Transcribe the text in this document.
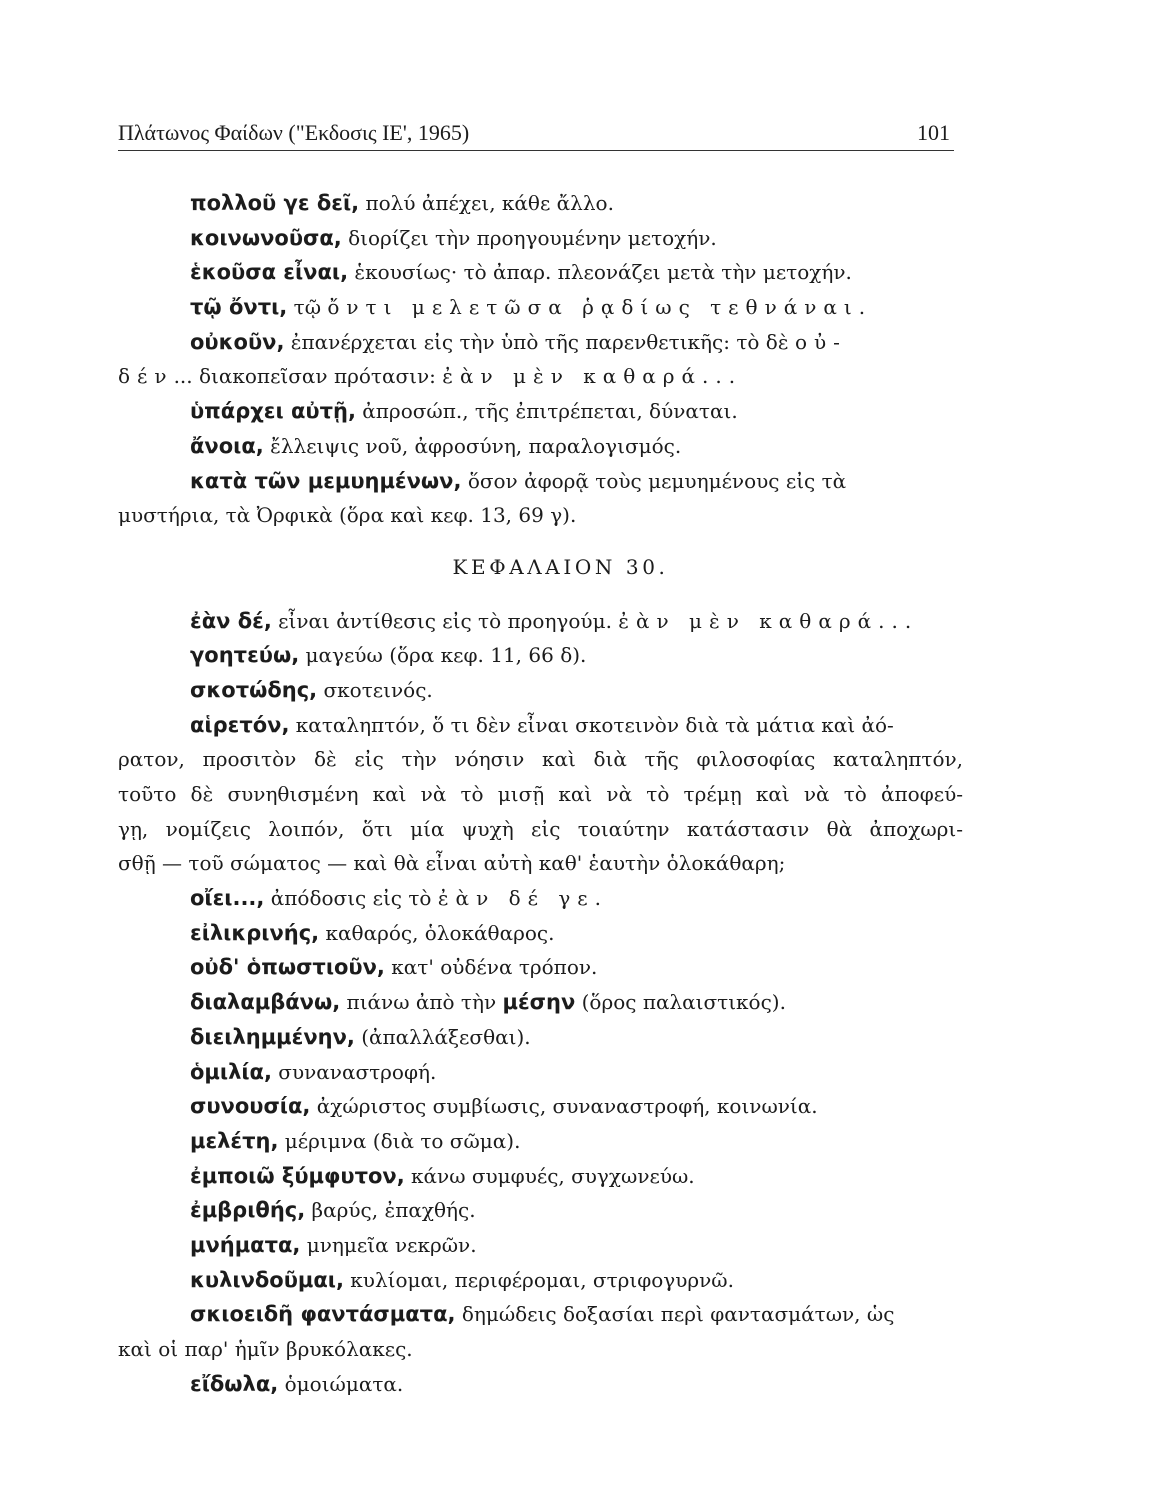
Πλάτωνος Φαίδων ("Εκδοσις ΙΕ', 1965)	101
πολλοῦ γε δεῖ, πολύ ἀπέχει, κάθε ἄλλο.
κοινωνοῦσα, διορίζει τὴν προηγουμένην μετοχήν.
ἑκοῦσα εἶναι, ἑκουσίως· τὸ ἀπαρ. πλεονάζει μετὰ τὴν μετοχήν.
τῷ ὄντι, τῷ ὄντι μελετῶσα ῥᾳδίως τεθνάναι.
οὐκοῦν, ἐπανέρχεται εἰς τὴν ὑπὸ τῆς παρενθετικῆς: τὸ δὲ οὐ-
δέν... διακοπεῖσαν πρότασιν: ἐὰν μὲν καθαρά...
ὑπάρχει αὐτῇ, ἀπροσώπ., τῆς ἐπιτρέπεται, δύναται.
ἄνοια, ἔλλειψις νοῦ, ἀφροσύνη, παραλογισμός.
κατὰ τῶν μεμυημένων, ὅσον ἀφορᾷ τοὺς μεμυημένους εἰς τὰ
μυστήρια, τὰ Ὀρφικὰ (ὅρα καὶ κεφ. 13, 69 γ).
ΚΕΦΑΛΑΙΟΝ 30.
ἐὰν δέ, εἶναι ἀντίθεσις εἰς τὸ προηγούμ. ἐὰν μὲν καθαρά...
γοητεύω, μαγεύω (ὅρα κεφ. 11, 66 δ).
σκοτώδης, σκοτεινός.
αἱρετόν, καταληπτόν, ὅ τι δὲν εἶναι σκοτεινὸν διὰ τὰ μάτια καὶ ἀό-
ρατον, προσιτὸν δὲ εἰς τὴν νόησιν καὶ διὰ τῆς φιλοσοφίας καταληπτόν,
τοῦτο δὲ συνηθισμένη καὶ νὰ τὸ μισῇ καὶ νὰ τὸ τρέμῃ καὶ νὰ τὸ ἀποφεύ-
γῃ, νομίζεις λοιπόν, ὅτι μία ψυχὴ εἰς τοιαύτην κατάστασιν θὰ ἀποχωρι-
σθῇ — τοῦ σώματος — καὶ θὰ εἶναι αὐτὴ καθ' ἑαυτὴν ὁλοκάθαρη;
οἴει..., ἀπόδοσις εἰς τὸ ἐὰν δέ γε.
εἰλικρινής, καθαρός, ὁλοκάθαρος.
οὐδ' ὁπωστιοῦν, κατ' οὐδένα τρόπον.
διαλαμβάνω, πιάνω ἀπὸ τὴν μέσην (ὅρος παλαιστικός).
διειλημμένην, (ἀπαλλάξεσθαι).
ὁμιλία, συναναστροφή.
συνουσία, ἀχώριστος συμβίωσις, συναναστροφή, κοινωνία.
μελέτη, μέριμνα (διὰ το σῶμα).
ἐμποιῶ ξύμφυτον, κάνω συμφυές, συγχωνεύω.
ἐμβριθής, βαρύς, ἐπαχθής.
μνήματα, μνημεῖα νεκρῶν.
κυλινδοῦμαι, κυλίομαι, περιφέρομαι, στριφογυρνῶ.
σκιοειδῆ φαντάσματα, δημώδεις δοξασίαι περὶ φαντασμάτων, ὡς
καὶ οἱ παρ' ἡμῖν βρυκόλακες.
εἴδωλα, ὁμοιώματα.
